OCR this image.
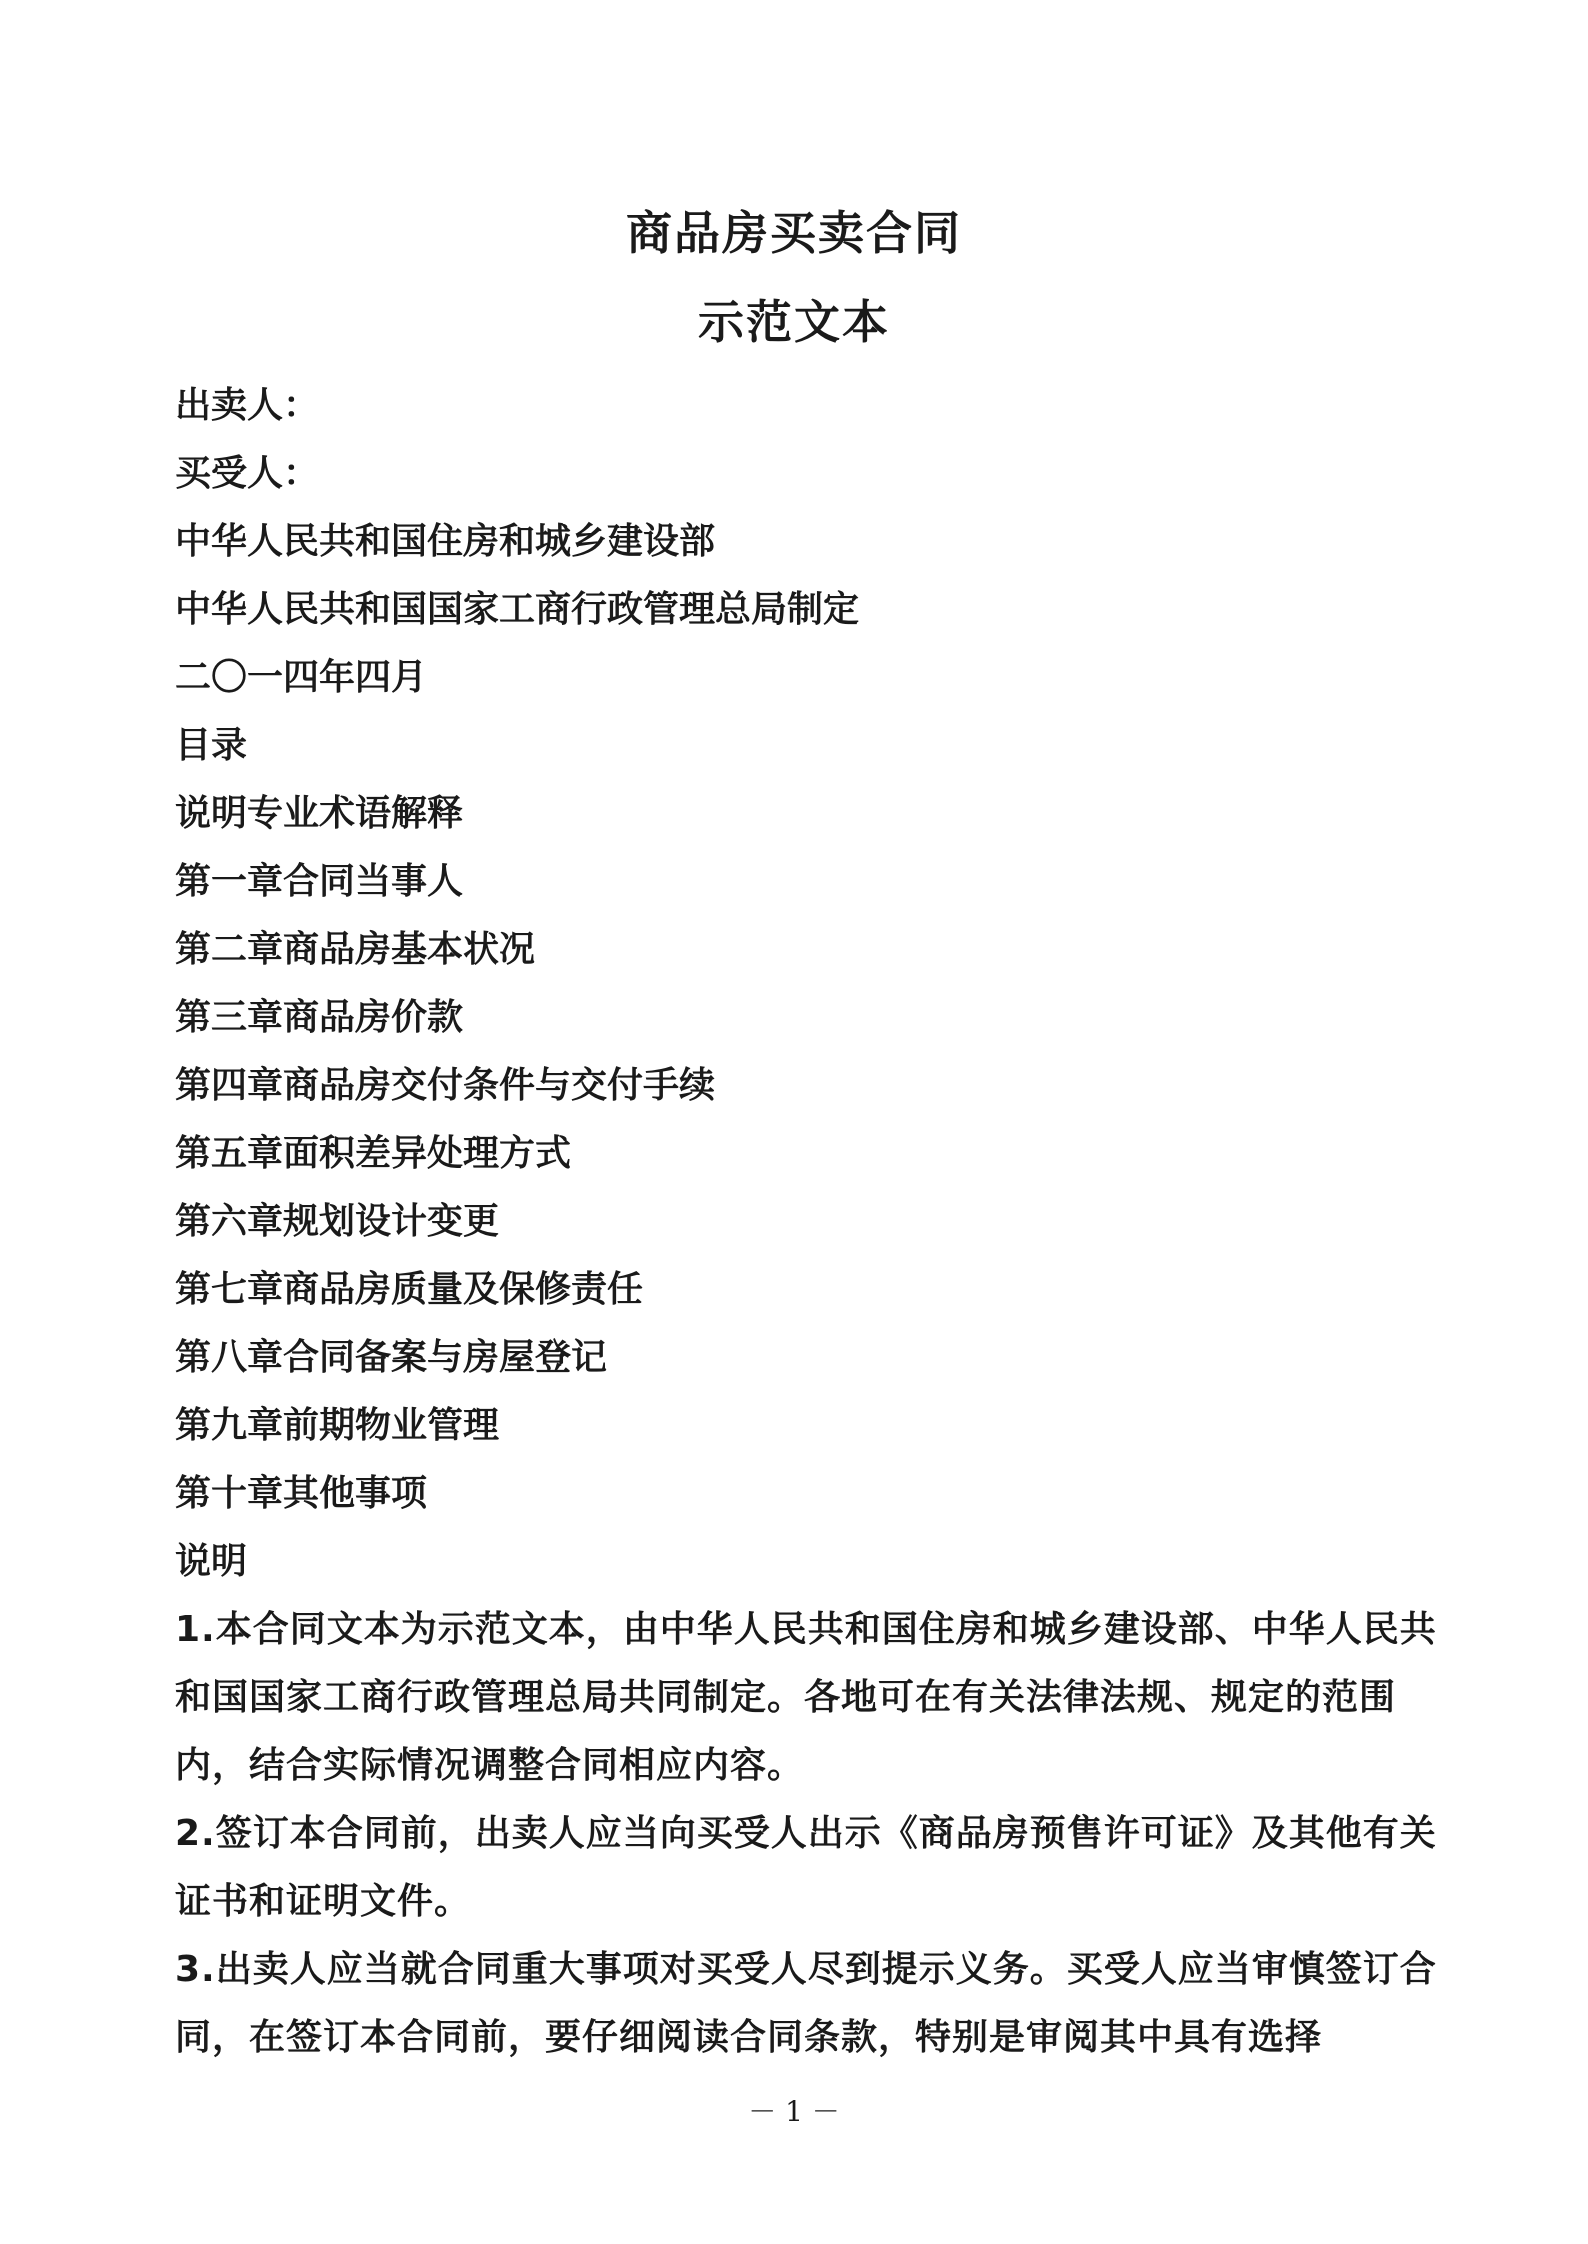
商品房买卖合同
示范文本
出卖人：
买受人：
中华人民共和国住房和城乡建设部
中华人民共和国国家工商行政管理总局制定
二〇一四年四月
目录
说明专业术语解释
第一章合同当事人
第二章商品房基本状况
第三章商品房价款
第四章商品房交付条件与交付手续
第五章面积差异处理方式
第六章规划设计变更
第七章商品房质量及保修责任
第八章合同备案与房屋登记
第九章前期物业管理
第十章其他事项
说明
1.本合同文本为示范文本，由中华人民共和国住房和城乡建设部、中华人民共和国国家工商行政管理总局共同制定。各地可在有关法律法规、规定的范围内，结合实际情况调整合同相应内容。
2.签订本合同前，出卖人应当向买受人出示《商品房预售许可证》及其他有关证书和证明文件。
3.出卖人应当就合同重大事项对买受人尽到提示义务。买受人应当审慎签订合同，在签订本合同前，要仔细阅读合同条款，特别是审阅其中具有选择
－ 1 －
